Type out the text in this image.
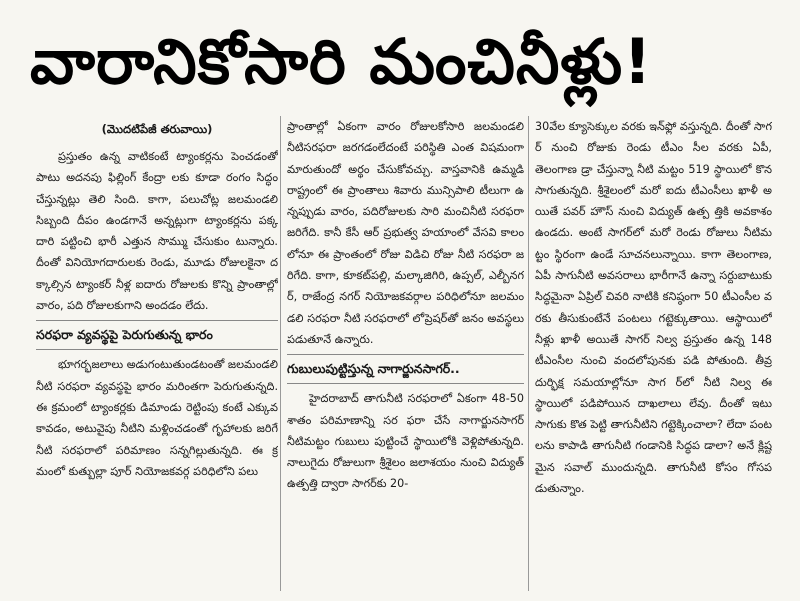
వారానికోసారి మంచినీళ్లు!
(మొదటిపేజీ తరువాయి)

ప్రస్తుతం ఉన్న వాటికంటే ట్యాంకర్లను పెంచడంతో పాటు అదనపు ఫిల్లింగ్ కేంద్రా లకు కూడా రంగం సిద్ధం చేస్తున్నట్లు తెలి సింది. కాగా, పలుచోట్ల జలమండలి సిబ్బంది దీపం ఉండగానే అన్నట్లుగా ట్యాంకర్లను పక్క దారి పట్టించి భారీ ఎత్తున సొమ్ము చేసుకుం టున్నారు. దీంతో వినియోగదారులకు రెండు, మూడు రోజులకైనా దక్కాల్సిన ట్యాంకర్ నీళ్ల ఐదారు రోజులకు కొన్ని ప్రాంతాల్లో వారం, పది రోజులకుగాని అందడం లేదు.

సరఫరా వ్యవస్థపై పెరుగుతున్న భారం

భూగర్భజలాలు అడుగంటుతుండటంతో జలమండలి నీటి సరఫరా వ్యవస్థపై భారం మరింతగా పెరుగుతున్నది. ఈ క్రమంలో ట్యాంకర్లకు డిమాండు రెట్టింపు కంటే ఎక్కువ కావడం, అటువైపు నీటిని మళ్లించడంతో గృహాలకు జరిగే నీటి సరఫరాలో పరిమాణం సన్నగిల్లుతున్నది. ఈ క్రమంలో కుత్బుల్లా పూర్ నియోజకవర్గ పరిధిలోని పలు

ప్రాంతాల్లో ఏకంగా వారం రోజులకోసారి జలమండలి నీటిసరఫరా జరగడంలేదంటే పరిస్థితి ఎంత విషమంగా మారుతుందో అర్థం చేసుకోవచ్చు. వాస్తవానికి ఉమ్మడి రాష్ట్రంలో ఈ ప్రాంతాలు శివారు మున్సిపాలి టీలుగా ఉన్నప్పుడు వారం, పదిరోజులకు సారి మంచినీటి సరఫరా జరిగేది. కానీ కేసీ ఆర్ ప్రభుత్వ హయాంలో వేసవి కాలం లోనూ ఈ ప్రాంతంలో రోజు విడిచి రోజు నీటి సరఫరా జరిగేది. కాగా, కూకట్‌పల్లి, మల్కాజిగిరి, ఉప్పల్, ఎల్బీనగర్, రాజేంద్ర నగర్ నియోజకవర్గాల పరిధిలోనూ జలమం డలి సరఫరా నీటి సరఫరాలో లోప్రెషర్‌తో జనం అవస్థలు పడుతూనే ఉన్నారు.

గుబులుపుట్టిస్తున్న నాగార్జునసాగర్..

హైదరాబాద్ తాగునీటి సరఫరాలో ఏకంగా 48-50 శాతం పరిమాణాన్ని సర ఫరా చేసే నాగార్జునసాగర్ నీటిమట్టం గుబులు పుట్టించే స్థాయిలోకి వెళ్లిపోతున్నది. నాలుగైదు రోజులుగా శ్రీశైలం జలాశయం నుంచి విద్యుత్ ఉత్పత్తి ద్వారా సాగర్‌కు 20-

30వేల క్యూసెక్కుల వరకు ఇన్‌ఫ్లో వస్తున్నది. దీంతో సాగర్ నుంచి రోజుకు రెండు టీఎం సీల వరకు ఏపీ, తెలంగాణ డ్రా చేస్తున్నా నీటి మట్టం 519 స్థాయిలో కొనసాగుతున్నది. శ్రీశైలంలో మరో ఐదు టీఎంసీలు ఖాళీ అయితే పవర్ హౌస్ నుంచి విద్యుత్ ఉత్ప త్తికి అవకాశం ఉండదు. అంటే సాగర్‌లో మరో రెండు రోజులు నీటిమట్టం స్థిరంగా ఉండే సూచనలున్నాయి. కాగా తెలంగాణ, ఏపీ సాగునీటి అవసరాలు భారీగానే ఉన్నా సర్దుబాటుకు సిద్ధమైనా ఏప్రిల్ చివరి నాటికి కనిష్ఠంగా 50 టీఎంసీల వరకు తీసుకుంటేనే పంటలు గట్టెక్కుతాయి. ఆస్థాయిలో నీళ్లు ఖాళీ అయితే సాగర్ నిల్వ ప్రస్తుతం ఉన్న 148 టీఎంసీల నుంచి వందలోపునకు పడి పోతుంది. తీవ్ర దుర్భిక్ష సమయాల్లోనూ సాగ ర్‌లో నీటి నిల్వ ఈ స్థాయిలో పడిపోయిన దాఖలాలు లేవు. దీంతో ఇటు సాగుకు కొత పెట్టి తాగునీటిని గట్టెక్కించాలా? లేదా పంట లను కాపాడి తాగునీటి గండానికి సిద్ధప డాలా? అనే క్లిష్టమైన సవాల్ ముందున్నది. తాగునీటి కోసం గోసపడుతున్నాం.
